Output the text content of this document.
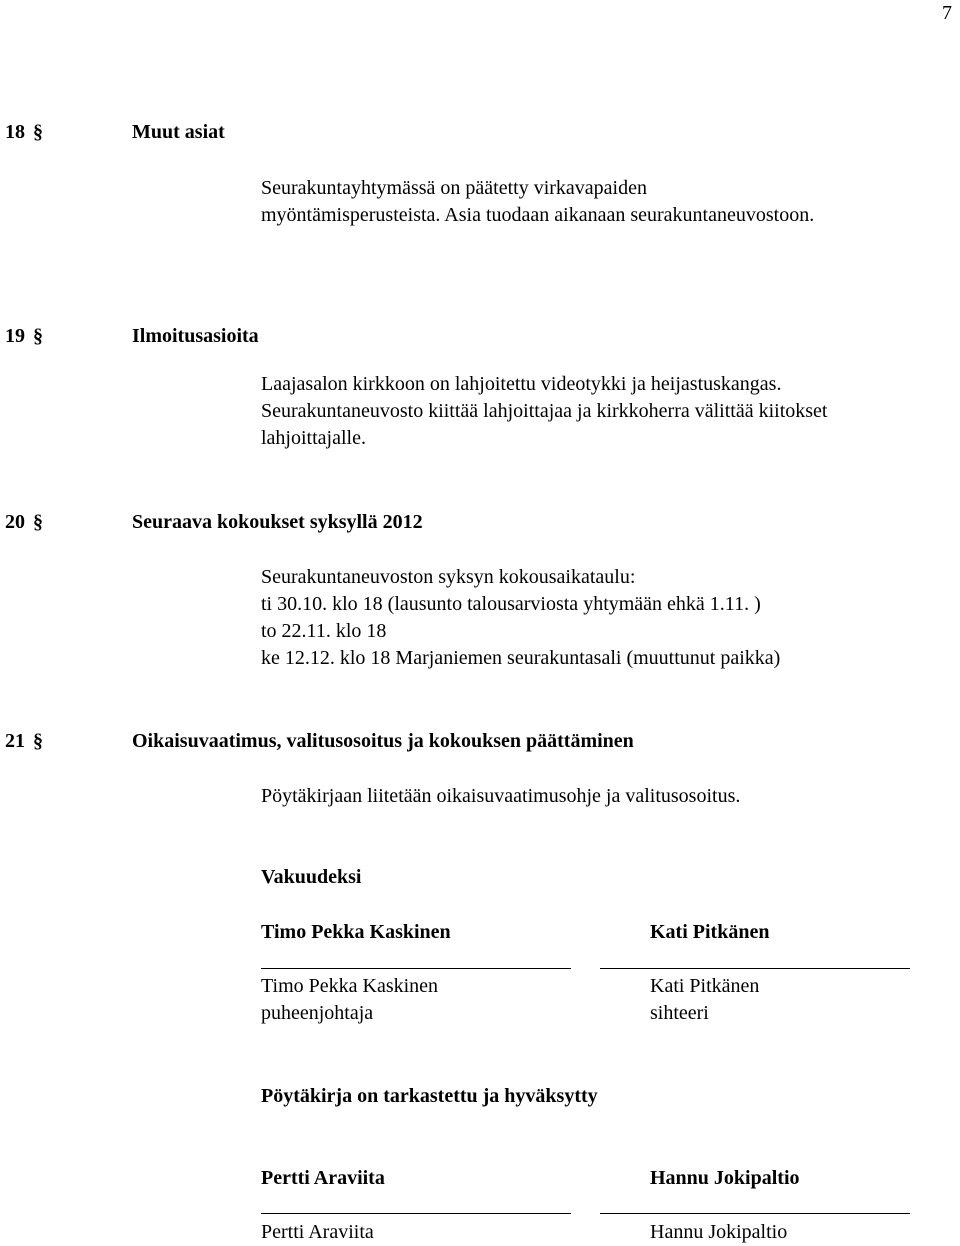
7
18 §	Muut asiat
Seurakuntayhtymässä on päätetty virkavapaiden
myöntämisperusteista. Asia tuodaan aikanaan seurakuntaneuvostoon.
19 §	Ilmoitusasioita
Laajasalon kirkkoon on lahjoitettu videotykki ja heijastuskangas.
Seurakuntaneuvosto kiittää lahjoittajaa ja kirkkoherra välittää kiitokset
lahjoittajalle.
20 §	Seuraava kokoukset syksyllä 2012
Seurakuntaneuvoston syksyn kokousaikataulu:
ti 30.10. klo 18 (lausunto talousarviosta yhtymään ehkä 1.11. )
to 22.11. klo 18
ke 12.12. klo 18 Marjaniemen seurakuntasali (muuttunut paikka)
21 §	Oikaisuvaatimus, valitusosoitus ja kokouksen päättäminen
Pöytäkirjaan liitetään oikaisuvaatimusohje ja valitusosoitus.
Vakuudeksi
Timo Pekka Kaskinen	Kati Pitkänen
Timo Pekka Kaskinen	Kati Pitkänen
puheenjohtaja	sihteeri
Pöytäkirja on tarkastettu ja hyväksytty
Pertti Araviita	Hannu Jokipaltio
Pertti Araviita	Hannu Jokipaltio
